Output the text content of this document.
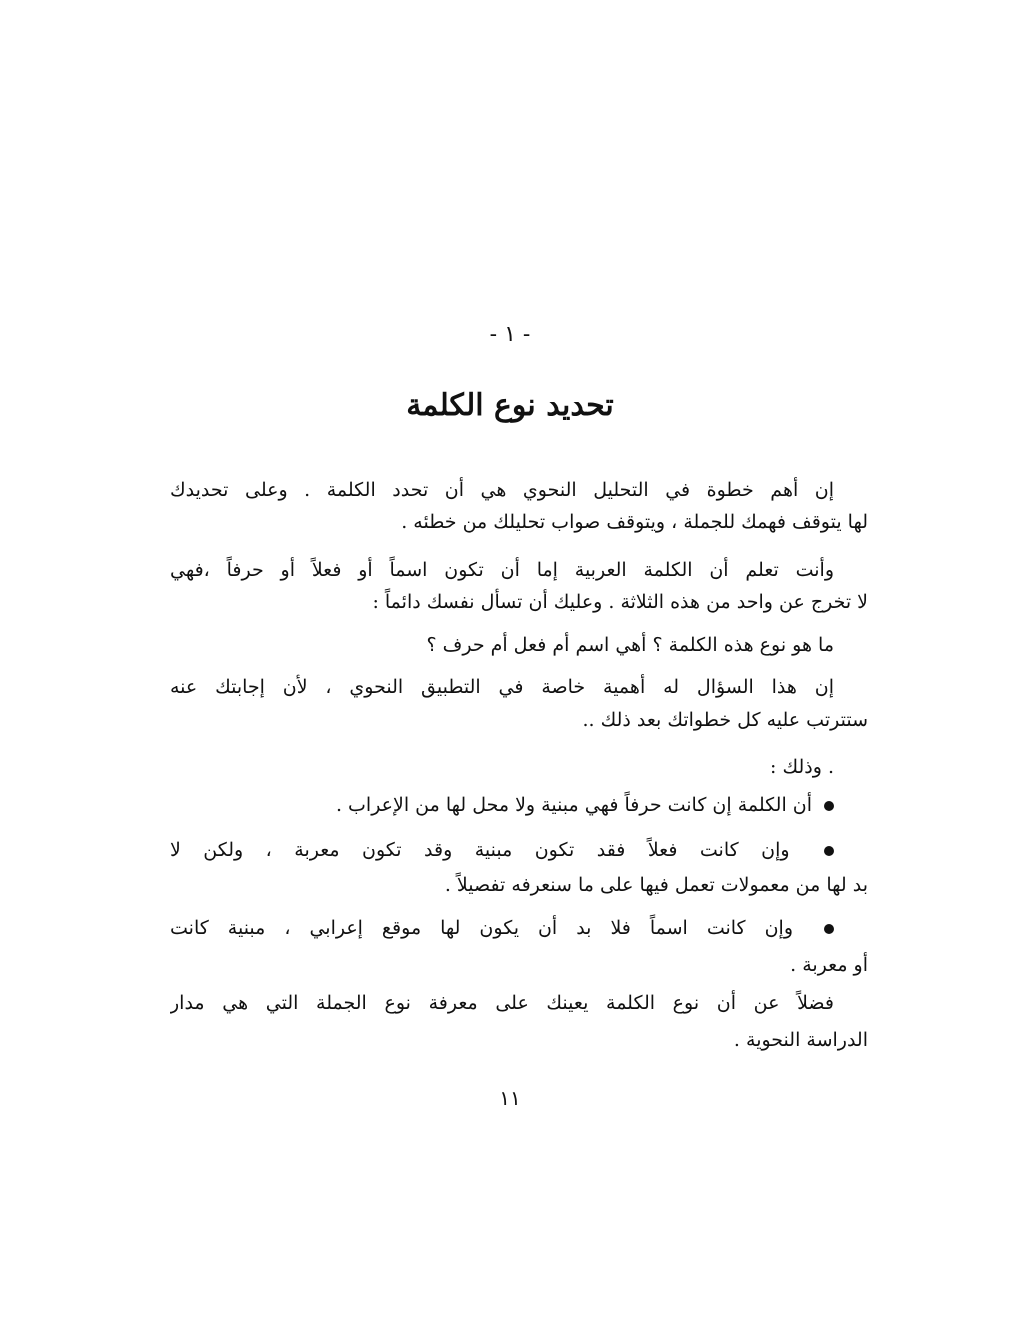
- ١ -
تحديد نوع الكلمة
إن أهم خطوة في التحليل النحوي هي أن تحدد الكلمة . وعلى تحديدك
لها يتوقف فهمك للجملة ، ويتوقف صواب تحليلك من خطئه .
وأنت تعلم أن الكلمة العربية إما أن تكون اسماً أو فعلاً أو حرفاً ،فهي
لا تخرج عن واحد من هذه الثلاثة . وعليك أن تسأل نفسك دائماً :
ما هو نوع هذه الكلمة ؟ أهي اسم أم فعل أم حرف ؟
إن هذا السؤال له أهمية خاصة في التطبيق النحوي ، لأن إجابتك عنه
ستترتب عليه كل خطواتك بعد ذلك ..
. وذلك :
أن الكلمة إن كانت حرفاً فهي مبنية ولا محل لها من الإعراب .
وإن كانت فعلاً فقد تكون مبنية وقد تكون معربة ، ولكن لا
بد لها من معمولات تعمل فيها على ما سنعرفه تفصيلاً .
وإن كانت اسماً فلا بد أن يكون لها موقع إعرابي ، مبنية كانت
أو معربة .
فضلاً عن أن نوع الكلمة يعينك على معرفة نوع الجملة التي هي مدار
الدراسة النحوية .
١١
